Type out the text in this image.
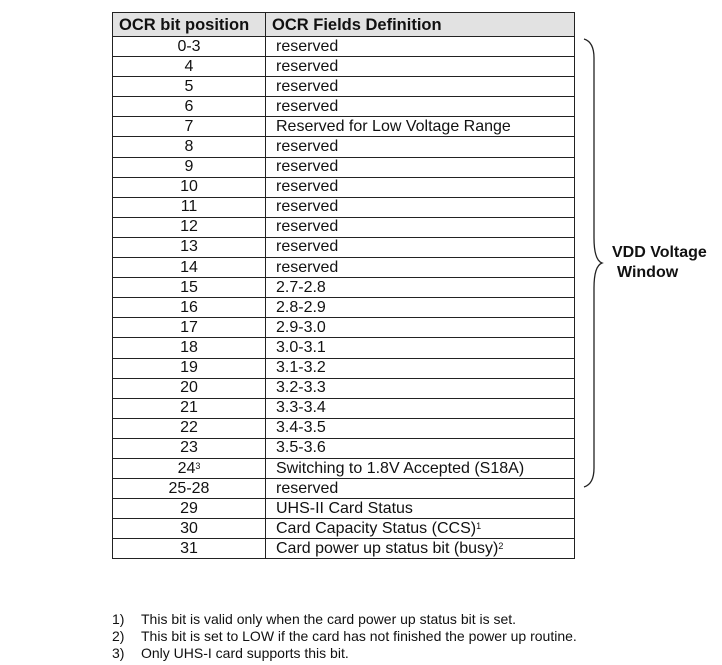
OCR bit position	OCR Fields Definition
0-3	reserved
4	reserved
5	reserved
6	reserved
7	Reserved for Low Voltage Range
8	reserved
9	reserved
10	reserved
11	reserved
12	reserved
13	reserved
14	reserved
15	2.7-2.8
16	2.8-2.9
17	2.9-3.0
18	3.0-3.1
19	3.1-3.2
20	3.2-3.3
21	3.3-3.4
22	3.4-3.5
23	3.5-3.6
$24^3$	Switching to 1.8V Accepted (S18A)
25-28	reserved
29	UHS-II Card Status
30	Card Capacity Status (CCS)$^1$
31	Card power up status bit (busy)$^2$
VDD Voltage
Window
1) This bit is valid only when the card power up status bit is set.
2) This bit is set to LOW if the card has not finished the power up routine.
3) Only UHS-I card supports this bit.
